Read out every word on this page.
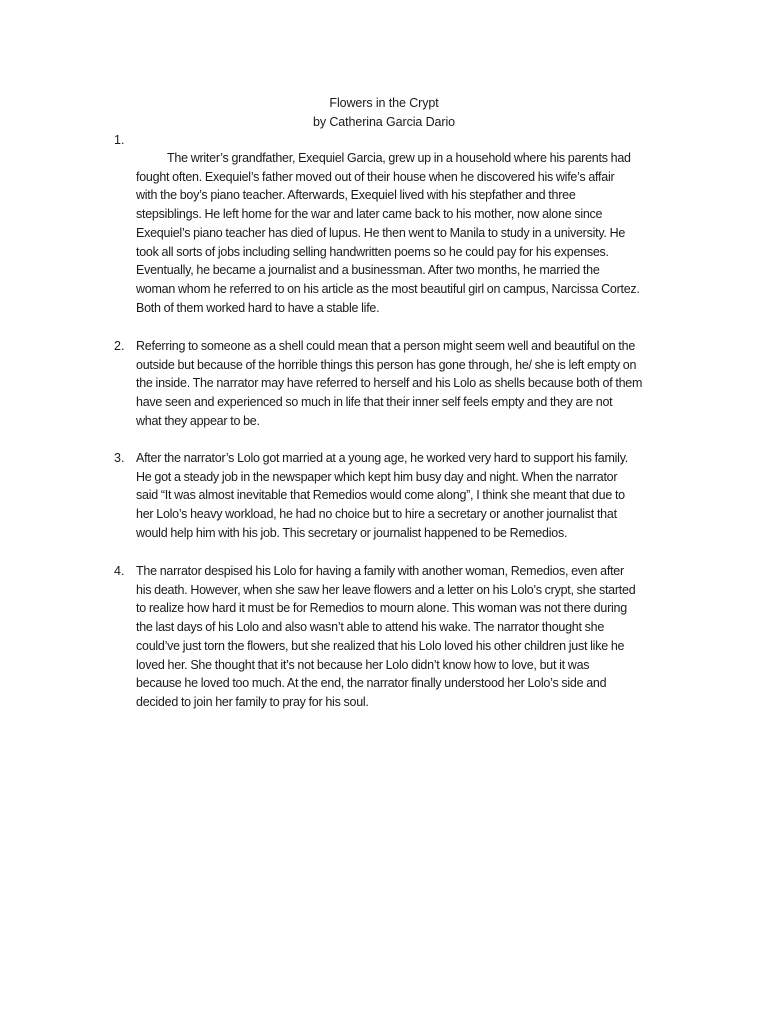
Flowers in the Crypt
by Catherina Garcia Dario
1.
The writer’s grandfather, Exequiel Garcia, grew up in a household where his parents had
fought often. Exequiel’s father moved out of their house when he discovered his wife’s affair
with the boy’s piano teacher. Afterwards, Exequiel lived with his stepfather and three
stepsiblings. He left home for the war and later came back to his mother, now alone since
Exequiel’s piano teacher has died of lupus. He then went to Manila to study in a university. He
took all sorts of jobs including selling handwritten poems so he could pay for his expenses.
Eventually, he became a journalist and a businessman. After two months, he married the
woman whom he referred to on his article as the most beautiful girl on campus, Narcissa Cortez.
Both of them worked hard to have a stable life.
2. Referring to someone as a shell could mean that a person might seem well and beautiful on the
outside but because of the horrible things this person has gone through, he/ she is left empty on
the inside. The narrator may have referred to herself and his Lolo as shells because both of them
have seen and experienced so much in life that their inner self feels empty and they are not
what they appear to be.
3. After the narrator’s Lolo got married at a young age, he worked very hard to support his family.
He got a steady job in the newspaper which kept him busy day and night. When the narrator
said “It was almost inevitable that Remedios would come along”, I think she meant that due to
her Lolo’s heavy workload, he had no choice but to hire a secretary or another journalist that
would help him with his job. This secretary or journalist happened to be Remedios.
4. The narrator despised his Lolo for having a family with another woman, Remedios, even after
his death. However, when she saw her leave flowers and a letter on his Lolo’s crypt, she started
to realize how hard it must be for Remedios to mourn alone. This woman was not there during
the last days of his Lolo and also wasn’t able to attend his wake. The narrator thought she
could’ve just torn the flowers, but she realized that his Lolo loved his other children just like he
loved her. She thought that it’s not because her Lolo didn’t know how to love, but it was
because he loved too much. At the end, the narrator finally understood her Lolo’s side and
decided to join her family to pray for his soul.
